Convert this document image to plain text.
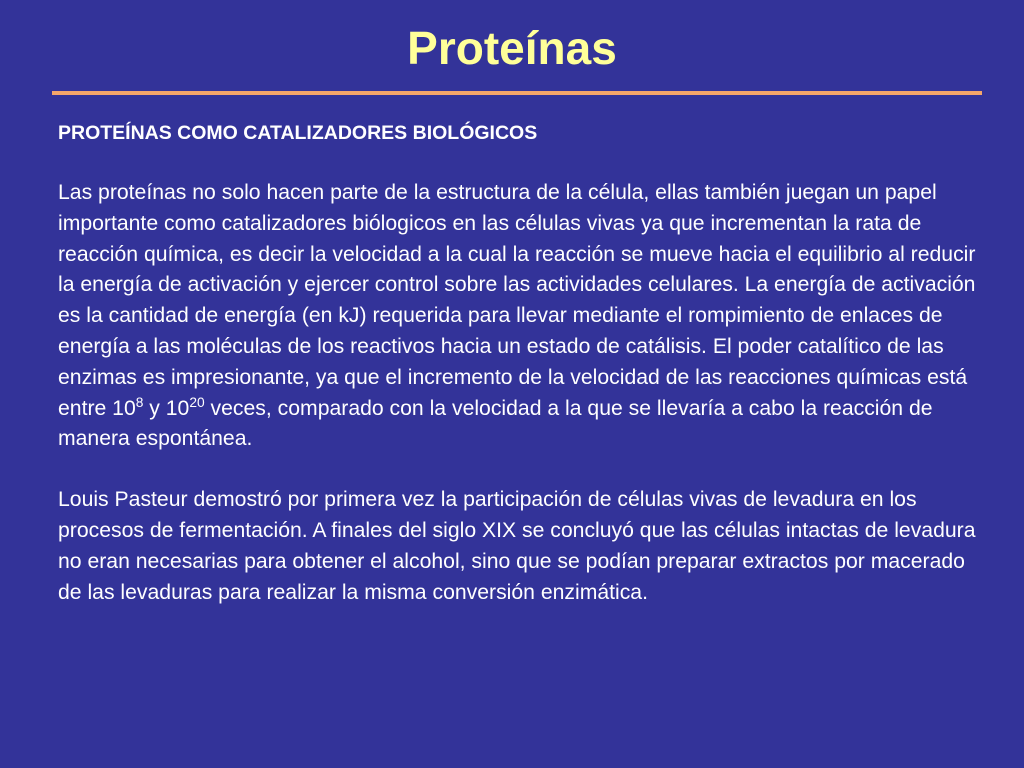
Proteínas
PROTEÍNAS COMO CATALIZADORES BIOLÓGICOS
Las proteínas no solo hacen parte de la estructura de la célula, ellas también juegan un papel importante como catalizadores biólogicos en las células vivas ya que incrementan la rata de reacción química, es decir la velocidad a la cual la reacción se mueve hacia el equilibrio al reducir la energía de activación y ejercer control sobre las actividades celulares. La energía de activación es la cantidad de energía (en kJ) requerida para llevar mediante el rompimiento de enlaces de energía a las moléculas de los reactivos hacia un estado de catálisis. El poder catalítico de las enzimas es impresionante, ya que el incremento de la velocidad de las reacciones químicas está entre $10^8$ y $10^{20}$ veces, comparado con la velocidad a la que se llevaría a cabo la reacción de manera espontánea.
Louis Pasteur demostró por primera vez la participación de células vivas de levadura en los procesos de fermentación. A finales del siglo XIX se concluyó que las células intactas de levadura no eran necesarias para obtener el alcohol, sino que se podían preparar extractos por macerado de las levaduras para realizar la misma conversión enzimática.
